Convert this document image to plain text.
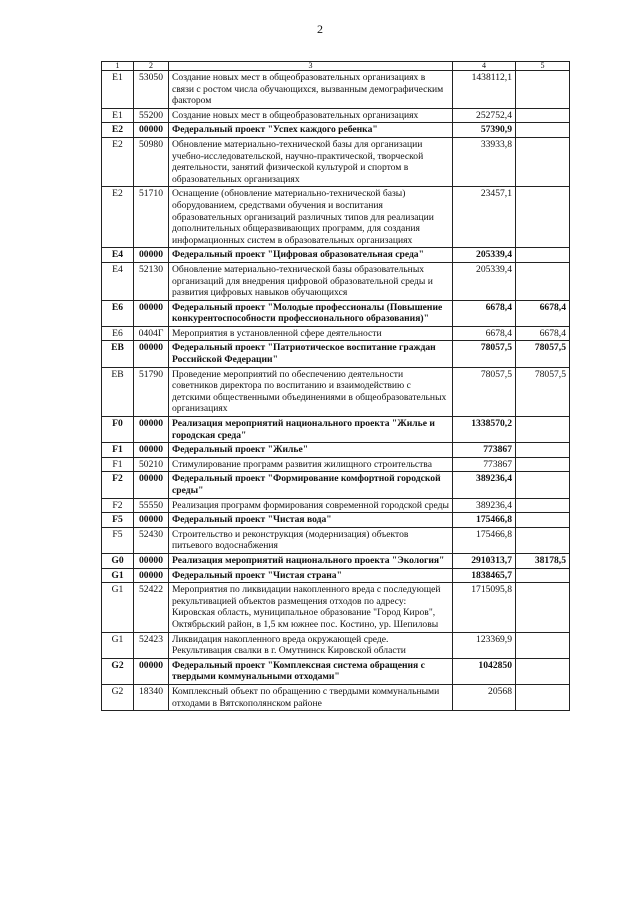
2
1	2	3	4	5
E1	53050	Создание новых мест в общеобразовательных организациях в связи с ростом числа обучающихся, вызванным демографическим фактором	1438112,1	
E1	55200	Создание новых мест в общеобразовательных организациях	252752,4	
E2	00000	Федеральный проект "Успех каждого ребенка"	57390,9	
E2	50980	Обновление материально-технической базы для организации учебно-исследовательской, научно-практической, творческой деятельности, занятий физической культурой и спортом в образовательных организациях	33933,8	
E2	51710	Оснащение (обновление материально-технической базы) оборудованием, средствами обучения и воспитания образовательных организаций различных типов для реализации дополнительных общеразвивающих программ, для создания информационных систем в образовательных организациях	23457,1	
E4	00000	Федеральный проект "Цифровая образовательная среда"	205339,4	
E4	52130	Обновление материально-технической базы образовательных организаций для внедрения цифровой образовательной среды и развития цифровых навыков обучающихся	205339,4	
E6	00000	Федеральный проект "Молодые профессионалы (Повышение конкурентоспособности профессионального образования)"	6678,4	6678,4
E6	0404Г	Мероприятия в установленной сфере деятельности	6678,4	6678,4
EB	00000	Федеральный проект "Патриотическое воспитание граждан Российской Федерации"	78057,5	78057,5
EB	51790	Проведение мероприятий по обеспечению деятельности советников директора по воспитанию и взаимодействию с детскими общественными объединениями в общеобразовательных организациях	78057,5	78057,5
F0	00000	Реализация мероприятий национального проекта "Жилье и городская среда"	1338570,2	
F1	00000	Федеральный проект "Жилье"	773867	
F1	50210	Стимулирование программ развития жилищного строительства	773867	
F2	00000	Федеральный проект "Формирование комфортной городской среды"	389236,4	
F2	55550	Реализация программ формирования современной городской среды	389236,4	
F5	00000	Федеральный проект "Чистая вода"	175466,8	
F5	52430	Строительство и реконструкция (модернизация) объектов питьевого водоснабжения	175466,8	
G0	00000	Реализация мероприятий национального проекта "Экология"	2910313,7	38178,5
G1	00000	Федеральный проект "Чистая страна"	1838465,7	
G1	52422	Мероприятия по ликвидации накопленного вреда с последующей рекультивацией объектов размещения отходов по адресу: Кировская область, муниципальное образование "Город Киров", Октябрьский район, в 1,5 км южнее пос. Костино, ур. Шепиловы	1715095,8	
G1	52423	Ликвидация накопленного вреда окружающей среде. Рекультивация свалки в г. Омутнинск Кировской области	123369,9	
G2	00000	Федеральный проект "Комплексная система обращения с твердыми коммунальными отходами"	1042850	
G2	18340	Комплексный объект по обращению с твердыми коммунальными отходами в Вятскополянском районе	20568	
